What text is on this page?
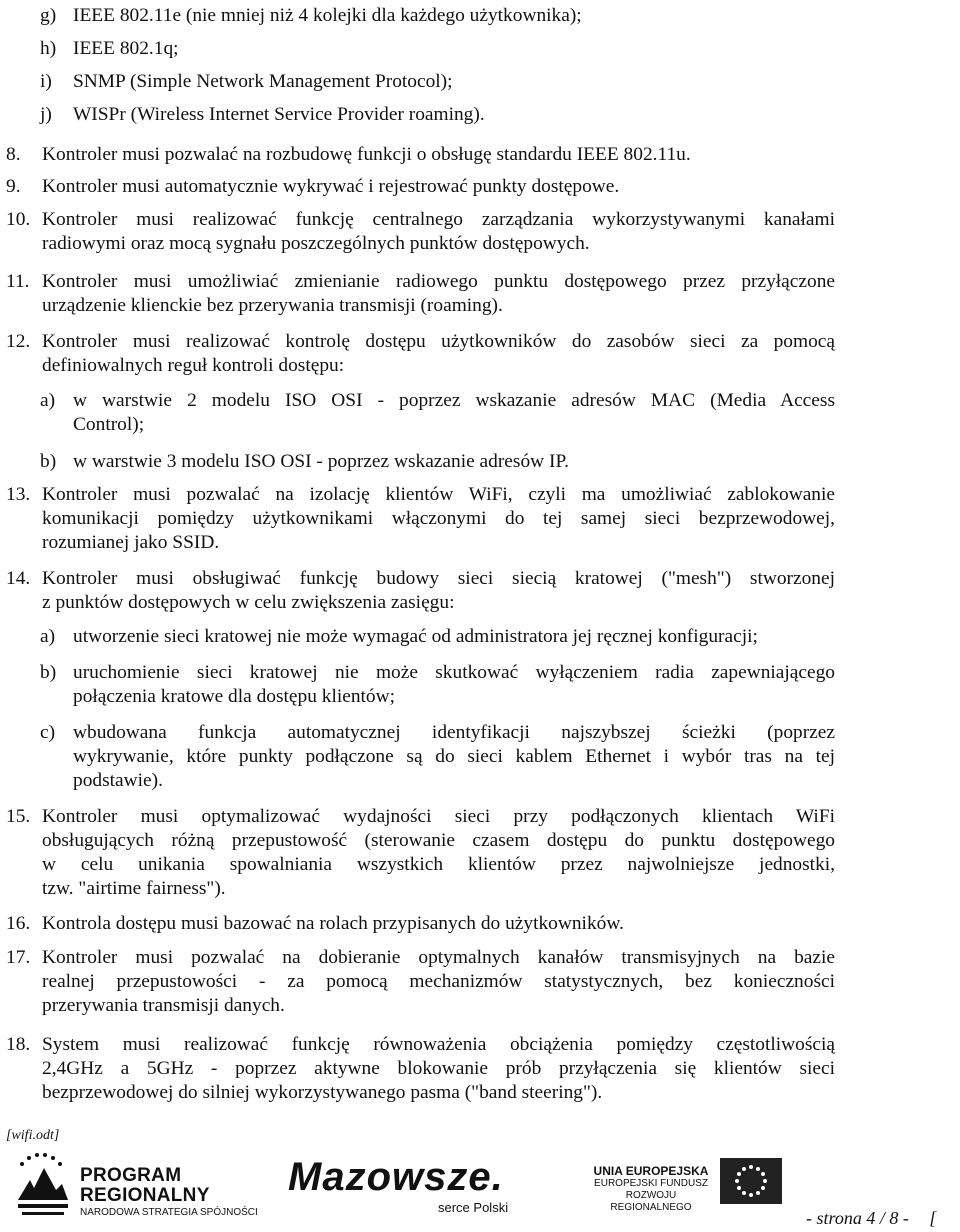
g) IEEE 802.11e (nie mniej niż 4 kolejki dla każdego użytkownika);
h) IEEE 802.1q;
i) SNMP (Simple Network Management Protocol);
j) WISPr (Wireless Internet Service Provider roaming).
8. Kontroler musi pozwalać na rozbudowę funkcji o obsługę standardu IEEE 802.11u.
9. Kontroler musi automatycznie wykrywać i rejestrować punkty dostępowe.
10. Kontroler musi realizować funkcję centralnego zarządzania wykorzystywanymi kanałami
radiowymi oraz mocą sygnału poszczególnych punktów dostępowych.
11. Kontroler musi umożliwiać zmienianie radiowego punktu dostępowego przez przyłączone
urządzenie klienckie bez przerywania transmisji (roaming).
12. Kontroler musi realizować kontrolę dostępu użytkowników do zasobów sieci za pomocą
definiowalnych reguł kontroli dostępu:
a) w warstwie 2 modelu ISO OSI - poprzez wskazanie adresów MAC (Media Access
Control);
b) w warstwie 3 modelu ISO OSI - poprzez wskazanie adresów IP.
13. Kontroler musi pozwalać na izolację klientów WiFi, czyli ma umożliwiać zablokowanie
komunikacji pomiędzy użytkownikami włączonymi do tej samej sieci bezprzewodowej,
rozumianej jako SSID.
14. Kontroler musi obsługiwać funkcję budowy sieci siecią kratowej ("mesh") stworzonej
z punktów dostępowych w celu zwiększenia zasięgu:
a) utworzenie sieci kratowej nie może wymagać od administratora jej ręcznej konfiguracji;
b) uruchomienie sieci kratowej nie może skutkować wyłączeniem radia zapewniającego
połączenia kratowe dla dostępu klientów;
c) wbudowana funkcja automatycznej identyfikacji najszybszej ścieżki (poprzez
wykrywanie, które punkty podłączone są do sieci kablem Ethernet i wybór tras na tej
podstawie).
15. Kontroler musi optymalizować wydajności sieci przy podłączonych klientach WiFi
obsługujących różną przepustowość (sterowanie czasem dostępu do punktu dostępowego
w celu unikania spowalniania wszystkich klientów przez najwolniejsze jednostki,
tzw. "airtime fairness").
16. Kontrola dostępu musi bazować na rolach przypisanych do użytkowników.
17. Kontroler musi pozwalać na dobieranie optymalnych kanałów transmisyjnych na bazie
realnej przepustowości - za pomocą mechanizmów statystycznych, bez konieczności
przerywania transmisji danych.
18. System musi realizować funkcję równoważenia obciążenia pomiędzy częstotliwością
2,4GHz a 5GHz - poprzez aktywne blokowanie prób przyłączenia się klientów sieci
bezprzewodowej do silniej wykorzystywanego pasma ("band steering").
[wifi.odt]
PROGRAM
REGIONALNY
NARODOWA STRATEGIA SPÓJNOŚCI
Mazowsze.
serce Polski
UNIA EUROPEJSKA
EUROPEJSKI FUNDUSZ
ROZWOJU REGIONALNEGO
- strona 4 / 8 - [
